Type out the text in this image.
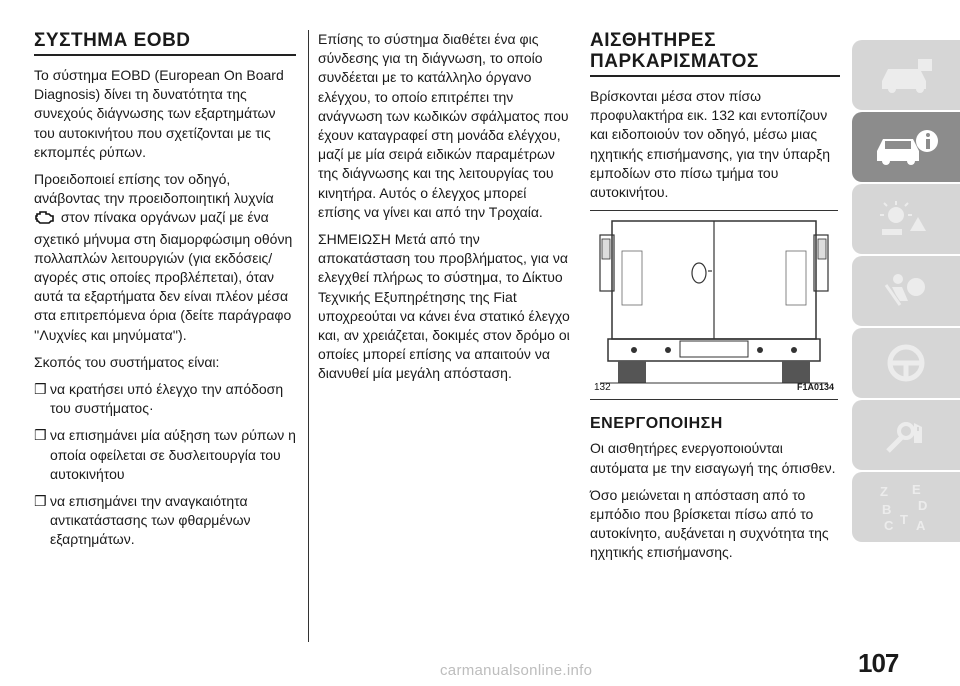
ΣΥΣΤΗΜΑ EOBD

Το σύστημα EOBD (European On Board Diagnosis) δίνει τη δυνατότητα της συνεχούς διάγνωσης των εξαρτημάτων του αυτοκινήτου που σχετίζονται με τις εκπομπές ρύπων.

Προειδοποιεί επίσης τον οδηγό, ανάβοντας την προειδοποιητική λυχνία  στον πίνακα οργάνων μαζί με ένα σχετικό μήνυμα στη διαμορφώσιμη οθόνη πολλαπλών λειτουργιών (για εκδόσεις/αγορές στις οποίες προβλέπεται), όταν αυτά τα εξαρτήματα δεν είναι πλέον μέσα στα επιτρεπόμενα όρια (δείτε παράγραφο ''Λυχνίες και μηνύματα'').

Σκοπός του συστήματος είναι:

❒ να κρατήσει υπό έλεγχο την απόδοση του συστήματος·
❒ να επισημάνει μία αύξηση των ρύπων η οποία οφείλεται σε δυσλειτουργία του αυτοκινήτου
❒ να επισημάνει την αναγκαιότητα αντικατάστασης των φθαρμένων εξαρτημάτων.

Επίσης το σύστημα διαθέτει ένα φις σύνδεσης για τη διάγνωση, το οποίο συνδέεται με το κατάλληλο όργανο ελέγχου, το οποίο επιτρέπει την ανάγνωση των κωδικών σφάλματος που έχουν καταγραφεί στη μονάδα ελέγχου, μαζί με μία σειρά ειδικών παραμέτρων της διάγνωσης και της λειτουργίας του κινητήρα. Αυτός ο έλεγχος μπορεί επίσης να γίνει και από την Τροχαία.

ΣΗΜΕΙΩΣΗ Μετά από την αποκατάσταση του προβλήματος, για να ελεγχθεί πλήρως το σύστημα, το Δίκτυο Τεχνικής Εξυπηρέτησης της Fiat υποχρεούται να κάνει ένα στατικό έλεγχο και, αν χρειάζεται, δοκιμές στον δρόμο οι οποίες μπορεί επίσης να απαιτούν να διανυθεί μία μεγάλη απόσταση.

ΑΙΣΘΗΤΗΡΕΣ
ΠΑΡΚΑΡΙΣΜΑΤΟΣ

Βρίσκονται μέσα στον πίσω προφυλακτήρα εικ. 132 και εντοπίζουν και ειδοποιούν τον οδηγό, μέσω μιας ηχητικής επισήμανσης, για την ύπαρξη εμποδίων στο πίσω τμήμα του αυτοκινήτου.

132	F1A0134
ΕΝΕΡΓΟΠΟΙΗΣΗ

Οι αισθητήρες ενεργοποιούνται αυτόματα με την εισαγωγή της όπισθεν.

Όσο μειώνεται η απόσταση από το εμπόδιο που βρίσκεται πίσω από το αυτοκίνητο, αυξάνεται η συχνότητα της ηχητικής επισήμανσης.

Z E
B D
C T A
107
carmanualsonline.info
